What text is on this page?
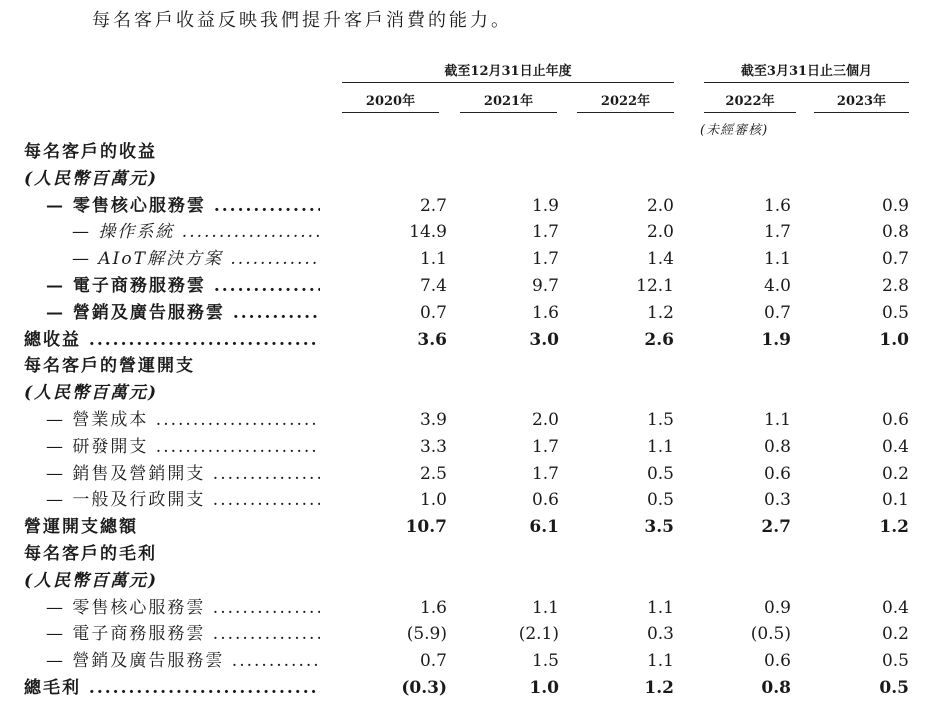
每名客戶收益反映我們提升客戶消費的能力。
截至12月31日止年度	截至3月31日止三個月
2020年	2021年	2022年	2022年	2023年
(未經審核)
每名客戶的收益
(人民幣百萬元)
— 零售核心服務雲 .....	2.7	1.9	2.0	1.6	0.9
— 操作系統 .....	14.9	1.7	2.0	1.7	0.8
— AIoT解決方案 .....	1.1	1.7	1.4	1.1	0.7
— 電子商務服務雲 .....	7.4	9.7	12.1	4.0	2.8
— 營銷及廣告服務雲 .....	0.7	1.6	1.2	0.7	0.5
總收益 .....	3.6	3.0	2.6	1.9	1.0
每名客戶的營運開支
(人民幣百萬元)
— 營業成本 .....	3.9	2.0	1.5	1.1	0.6
— 研發開支 .....	3.3	1.7	1.1	0.8	0.4
— 銷售及營銷開支 .....	2.5	1.7	0.5	0.6	0.2
— 一般及行政開支 .....	1.0	0.6	0.5	0.3	0.1
營運開支總額	10.7	6.1	3.5	2.7	1.2
每名客戶的毛利
(人民幣百萬元)
— 零售核心服務雲 .....	1.6	1.1	1.1	0.9	0.4
— 電子商務服務雲 .....	(5.9)	(2.1)	0.3	(0.5)	0.2
— 營銷及廣告服務雲 .....	0.7	1.5	1.1	0.6	0.5
總毛利 .....	(0.3)	1.0	1.2	0.8	0.5
